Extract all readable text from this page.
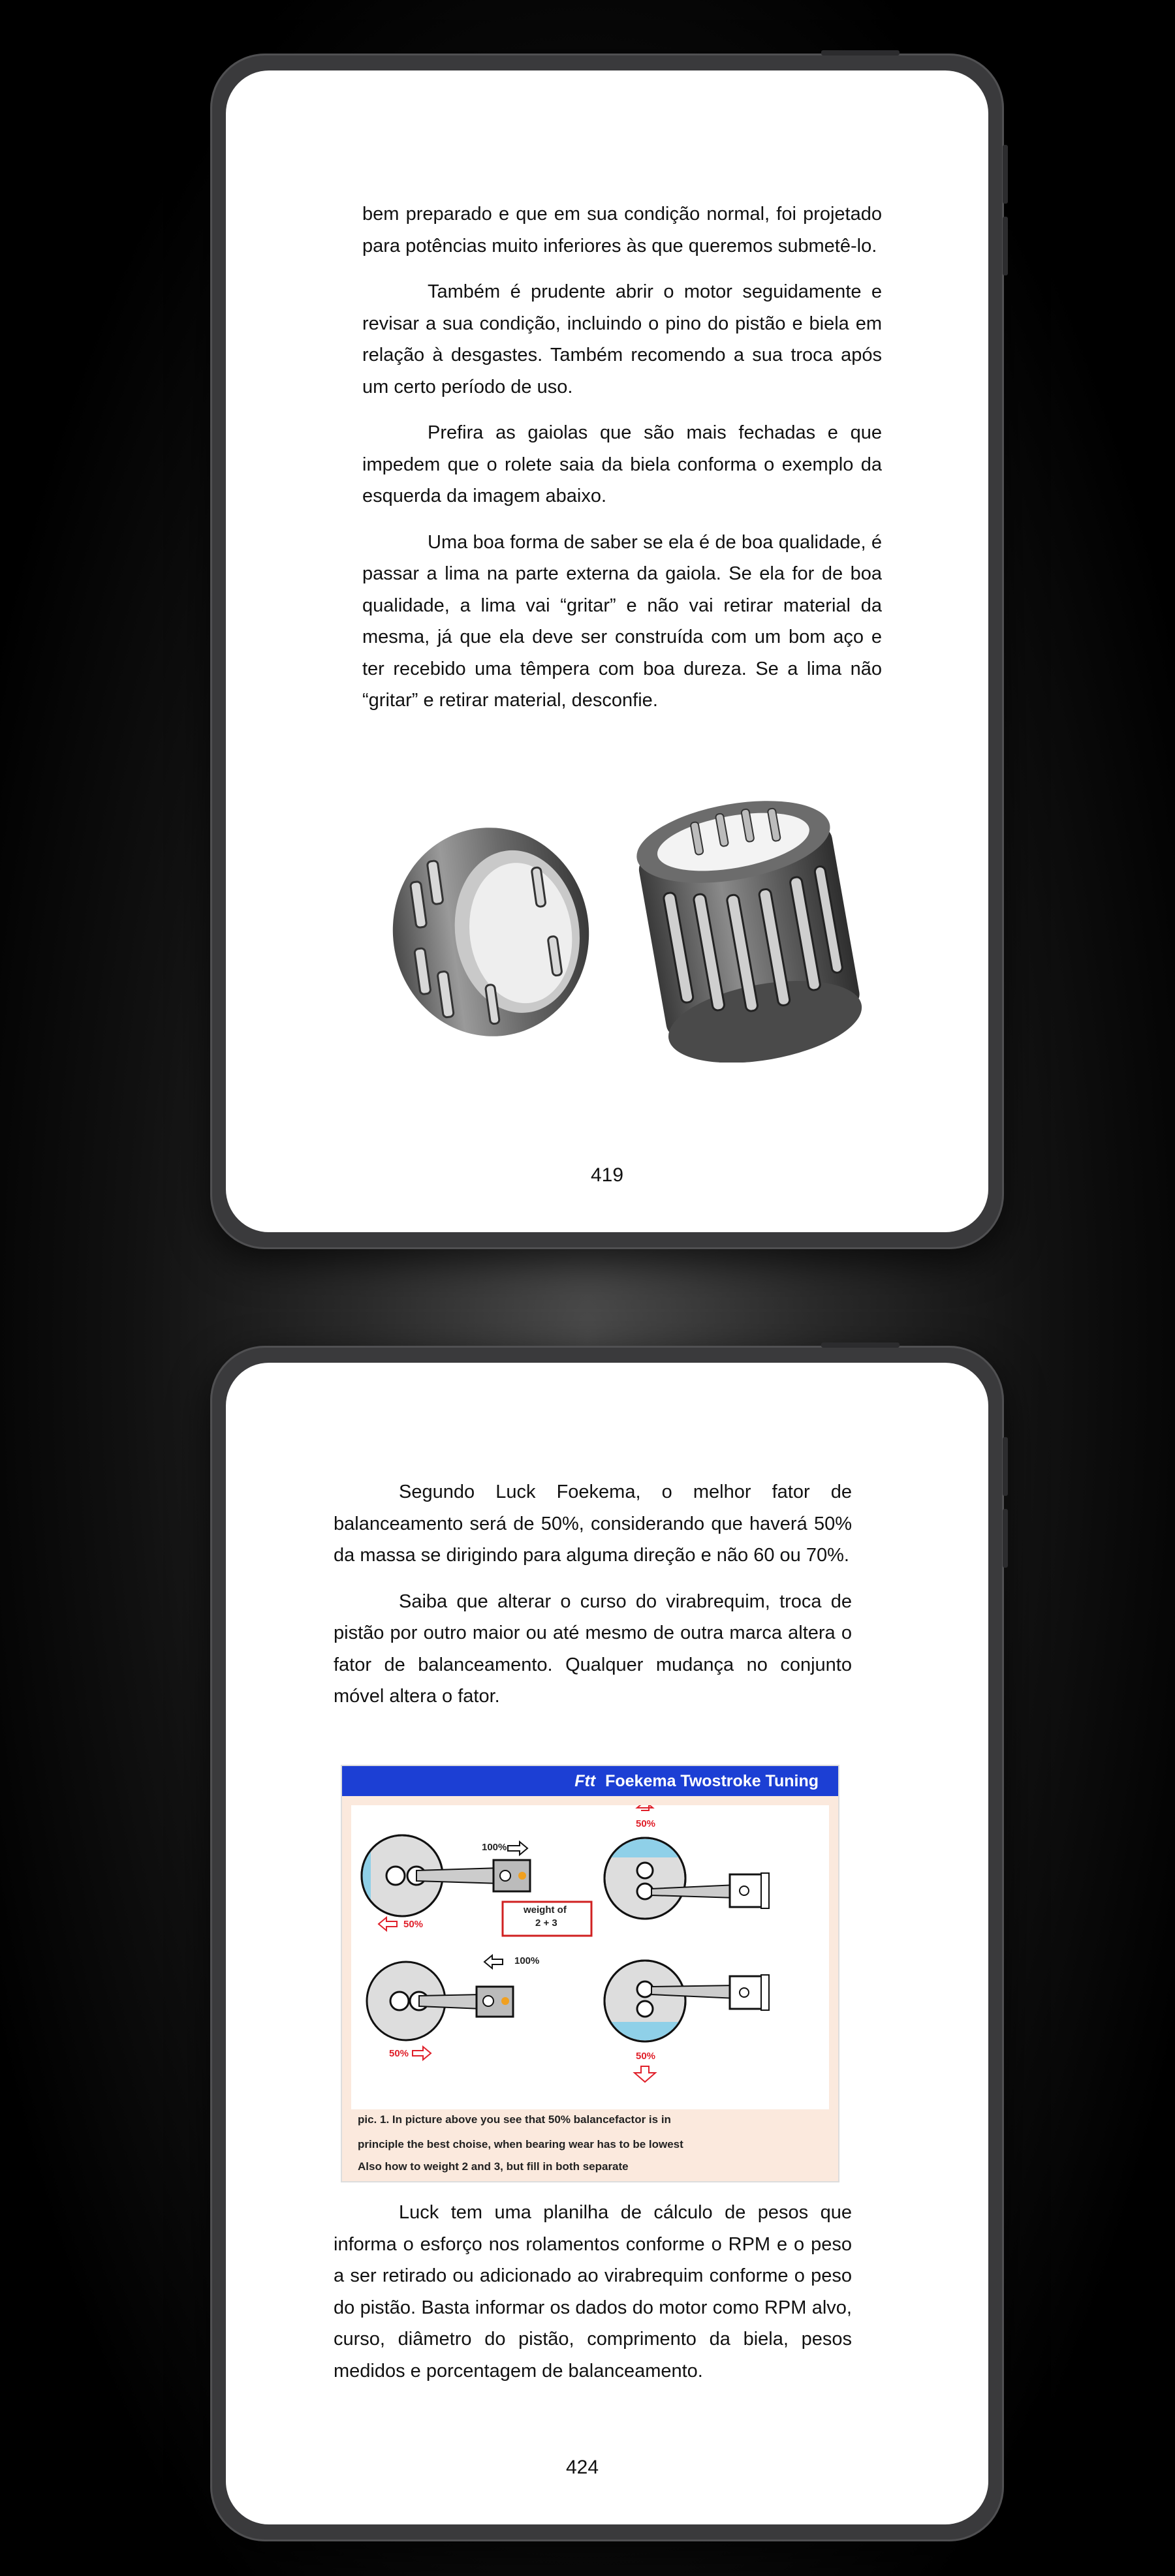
bem preparado e que em sua condição normal, foi projetado para potências muito inferiores às que queremos submetê-lo.

Também é prudente abrir o motor seguidamente e revisar a sua condição, incluindo o pino do pistão e biela em relação à desgastes. Também recomendo a sua troca após um certo período de uso.

Prefira as gaiolas que são mais fechadas e que impedem que o rolete saia da biela conforma o exemplo da esquerda da imagem abaixo.

Uma boa forma de saber se ela é de boa qualidade, é passar a lima na parte externa da gaiola. Se ela for de boa qualidade, a lima vai “gritar” e não vai retirar material da mesma, já que ela deve ser construída com um bom aço e ter recebido uma têmpera com boa dureza. Se a lima não “gritar” e retirar material, desconfie.

419

Segundo Luck Foekema, o melhor fator de balanceamento será de 50%, considerando que haverá 50% da massa se dirigindo para alguma direção e não 60 ou 70%.

Saiba que alterar o curso do virabrequim, troca de pistão por outro maior ou até mesmo de outra marca altera o fator de balanceamento. Qualquer mudança no conjunto móvel altera o fator.

Ftt Foekema Twostroke Tuning
100%
50%
weight of
2 + 3
50%
100%
50%	50%
pic. 1. In picture above you see that 50% balancefactor is in
principle the best choise, when bearing wear has to be lowest
Also how to weight 2 and 3, but fill in both separate

Luck tem uma planilha de cálculo de pesos que informa o esforço nos rolamentos conforme o RPM e o peso a ser retirado ou adicionado ao virabrequim conforme o peso do pistão. Basta informar os dados do motor como RPM alvo, curso, diâmetro do pistão, comprimento da biela, pesos medidos e porcentagem de balanceamento.

424
